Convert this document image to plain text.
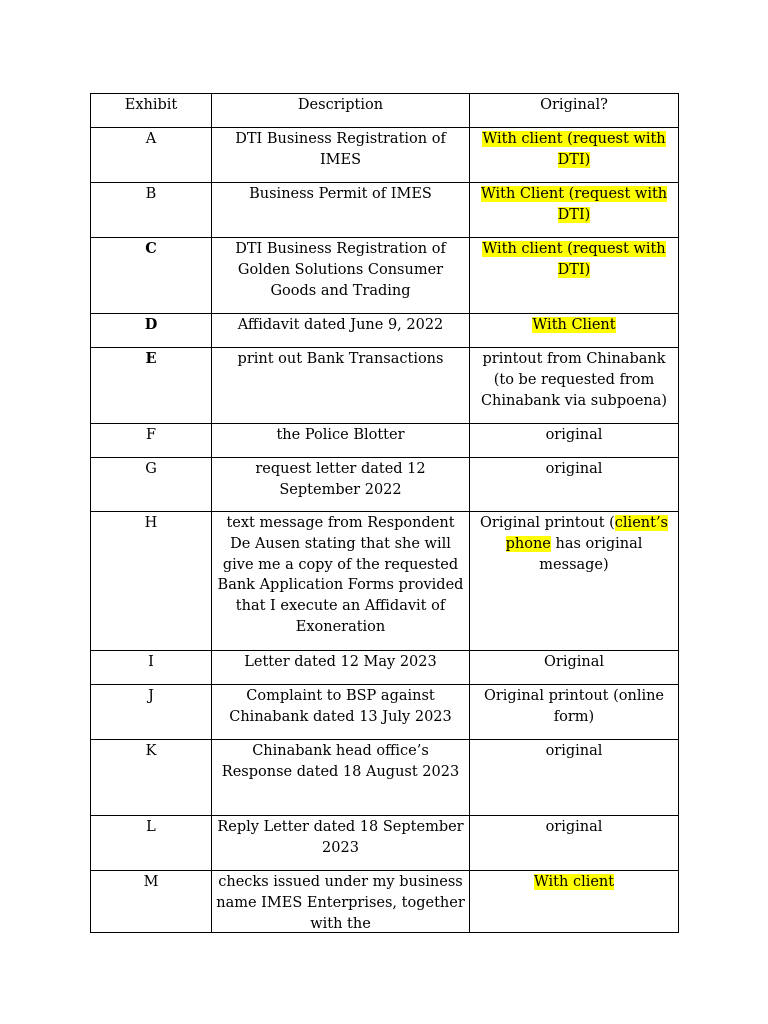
Exhibit	Description	Original?

A	DTI Business Registration of IMES	With client (request with DTI)

B	Business Permit of IMES	With Client (request with DTI)

C	DTI Business Registration of Golden Solutions Consumer Goods and Trading	With client (request with DTI)

D	Affidavit dated June 9, 2022	With Client

E	print out Bank Transactions	printout from Chinabank (to be requested from Chinabank via subpoena)

F	the Police Blotter	original

G	request letter dated 12 September 2022	original

H	text message from Respondent De Ausen stating that she will give me a copy of the requested Bank Application Forms provided that I execute an Affidavit of Exoneration	Original printout (client’s phone has original message)

I	Letter dated 12 May 2023	Original

J	Complaint to BSP against Chinabank dated 13 July 2023	Original printout (online form)

K	Chinabank head office’s Response dated 18 August 2023	original

L	Reply Letter dated 18 September 2023	original

M	checks issued under my business name IMES Enterprises, together with the	With client
